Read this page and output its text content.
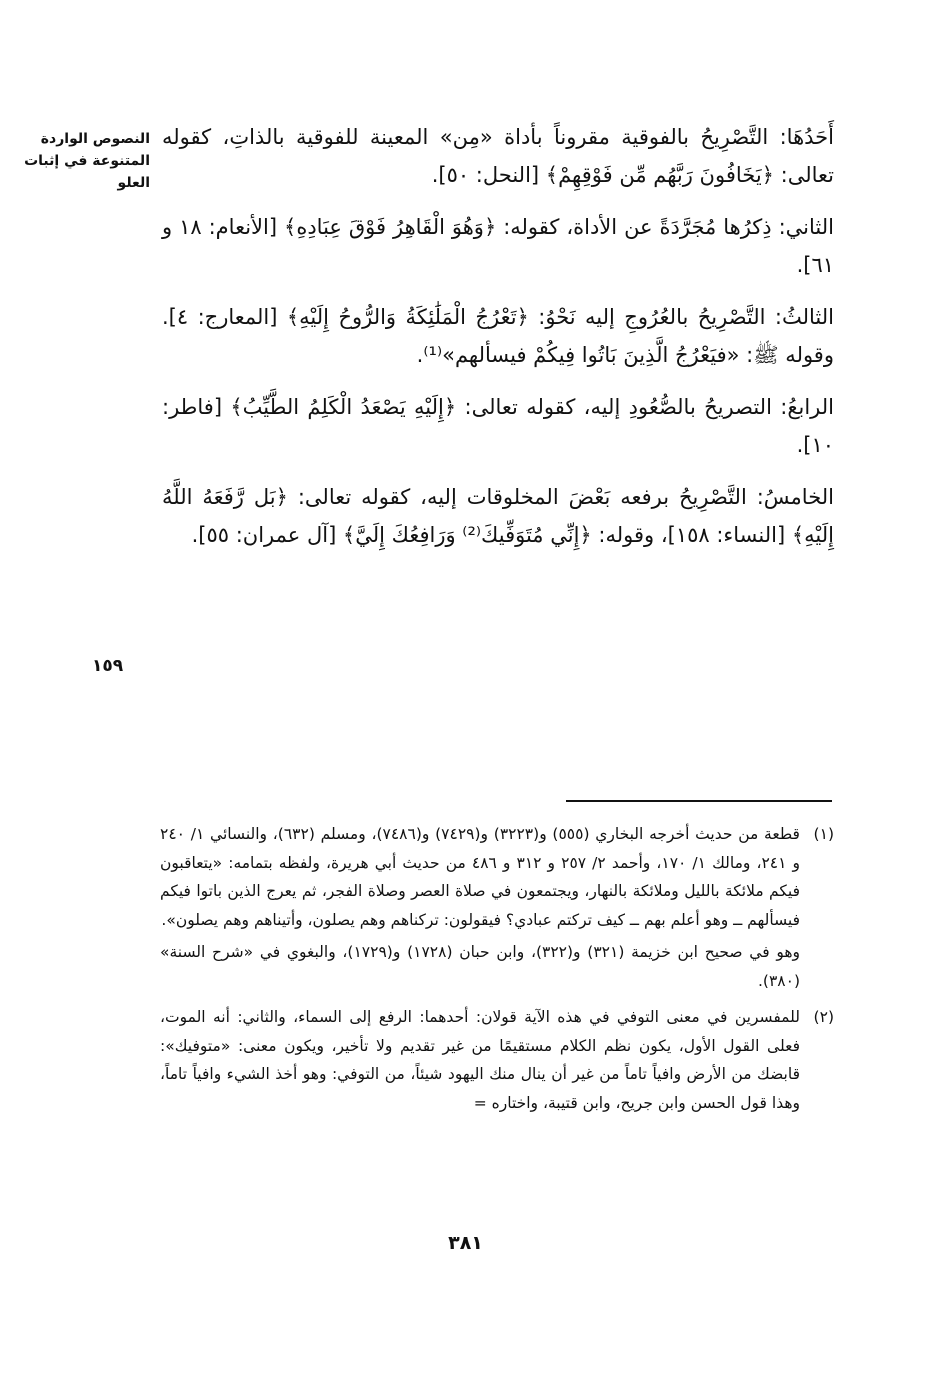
النصوص الواردة المتنوعة في إثبات العلو
١٥٩

أَحَدُهَا: التَّصْرِيحُ بالفوقية مقروناً بأداة «مِن» المعينة للفوقية بالذاتِ، كقوله تعالى: ﴿يَخَافُونَ رَبَّهُم مِّن فَوْقِهِمْ﴾ [النحل: ٥٠].

الثاني: ذِكرُها مُجَرَّدَةً عن الأداة، كقوله: ﴿وَهُوَ الْقَاهِرُ فَوْقَ عِبَادِهِ﴾ [الأنعام: ١٨ و ٦١].

الثالثُ: التَّصْرِيحُ بالعُرُوجِ إليه نَحْوُ: ﴿تَعْرُجُ الْمَلَٰئِكَةُ وَالرُّوحُ إِلَيْهِ﴾ [المعارج: ٤]. وقوله ﷺ: «فيَعْرُجُ الَّذِينَ بَاتُوا فِيكُمْ فيسألهم»⁽¹⁾.

الرابعُ: التصريحُ بالصُّعُودِ إليه، كقوله تعالى: ﴿إِلَيْهِ يَصْعَدُ الْكَلِمُ الطَّيِّبُ﴾ [فاطر: ١٠].

الخامسُ: التَّصْرِيحُ برفعه بَعْضَ المخلوقات إليه، كقوله تعالى: ﴿بَل رَّفَعَهُ اللَّهُ إِلَيْهِ﴾ [النساء: ١٥٨]، وقوله: ﴿إِنِّي مُتَوَفِّيكَ⁽²⁾ وَرَافِعُكَ إِلَيَّ﴾ [آل عمران: ٥٥].

(١)

قطعة من حديث أخرجه البخاري (٥٥٥) و(٣٢٢٣) و(٧٤٢٩) و(٧٤٨٦)، ومسلم (٦٣٢)، والنسائي ١/ ٢٤٠ و ٢٤١، ومالك ١/ ١٧٠، وأحمد ٢/ ٢٥٧ و ٣١٢ و ٤٨٦ من حديث أبي هريرة، ولفظه بتمامه: «يتعاقبون فيكم ملائكة بالليل وملائكة بالنهار، ويجتمعون في صلاة العصر وصلاة الفجر، ثم يعرج الذين باتوا فيكم فيسألهم ــ وهو أعلم بهم ــ كيف تركتم عبادي؟ فيقولون: تركناهم وهم يصلون، وأتيناهم وهم يصلون».

وهو في صحيح ابن خزيمة (٣٢١) و(٣٢٢)، وابن حبان (١٧٢٨) و(١٧٢٩)، والبغوي في «شرح السنة» (٣٨٠).

(٢)

للمفسرين في معنى التوفي في هذه الآية قولان: أحدهما: الرفع إلى السماء، والثاني: أنه الموت، فعلى القول الأول، يكون نظم الكلام مستقيمًا من غير تقديم ولا تأخير، ويكون معنى: «متوفيك»: قابضك من الأرض وافياً تاماً من غير أن ينال منك اليهود شيئاً، من التوفي: وهو أخذ الشيء وافياً تاماً، وهذا قول الحسن وابن جريح، وابن قتيبة، واختاره =

٣٨١
